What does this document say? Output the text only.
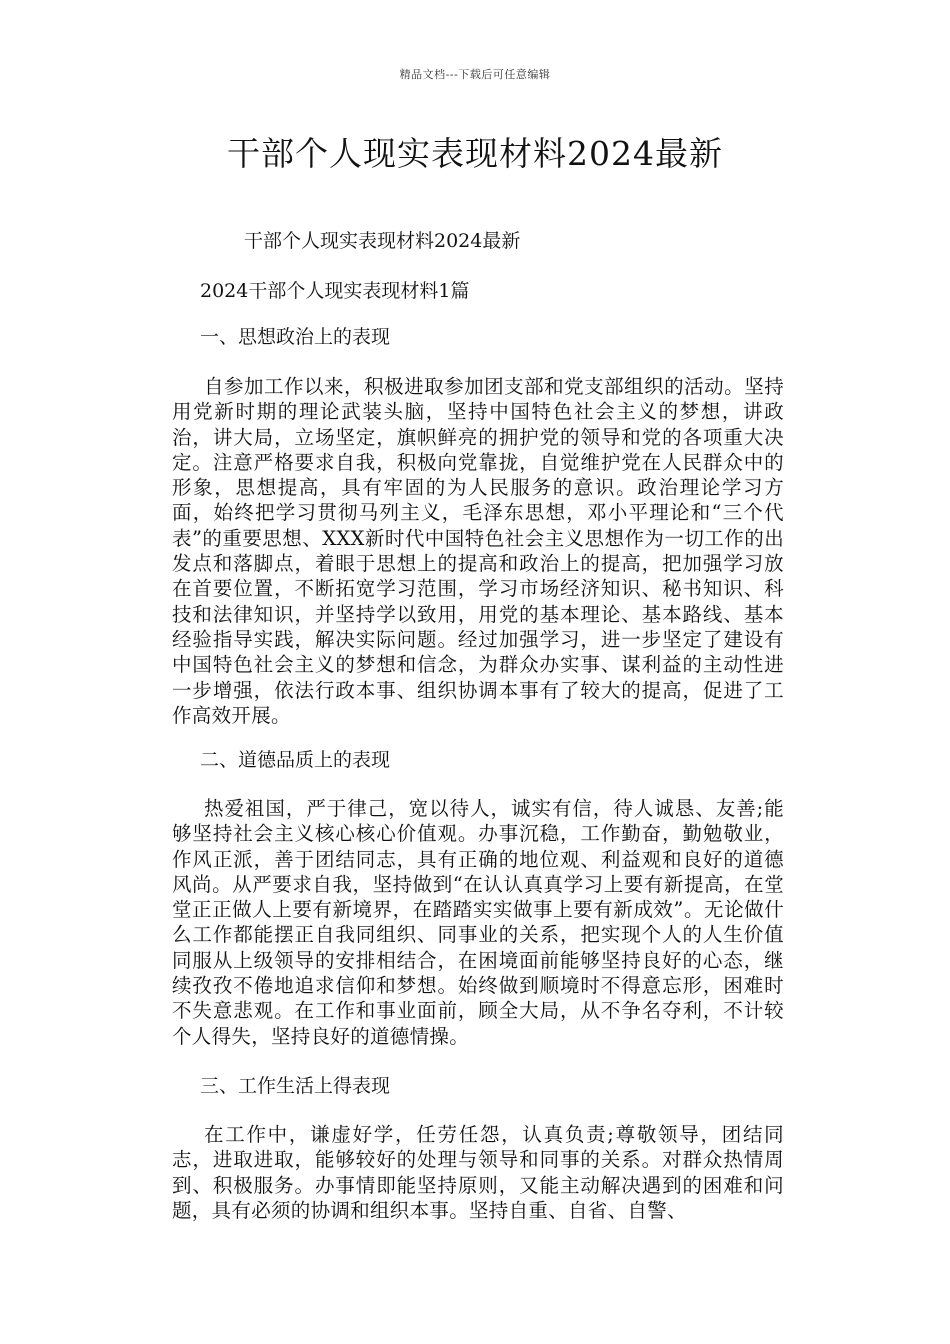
精品文档---下载后可任意编辑
干部个人现实表现材料2024最新
干部个人现实表现材料2024最新
2024干部个人现实表现材料1篇
一、思想政治上的表现
自参加工作以来，积极进取参加团支部和党支部组织的活动。坚持用党新时期的理论武装头脑，坚持中国特色社会主义的梦想，讲政治，讲大局，立场坚定，旗帜鲜亮的拥护党的领导和党的各项重大决定。注意严格要求自我，积极向党靠拢，自觉维护党在人民群众中的形象，思想提高，具有牢固的为人民服务的意识。政治理论学习方面，始终把学习贯彻马列主义，毛泽东思想，邓小平理论和“三个代表”的重要思想、XXX新时代中国特色社会主义思想作为一切工作的出发点和落脚点，着眼于思想上的提高和政治上的提高，把加强学习放在首要位置，不断拓宽学习范围，学习市场经济知识、秘书知识、科技和法律知识，并坚持学以致用，用党的基本理论、基本路线、基本经验指导实践，解决实际问题。经过加强学习，进一步坚定了建设有中国特色社会主义的梦想和信念，为群众办实事、谋利益的主动性进一步增强，依法行政本事、组织协调本事有了较大的提高，促进了工作高效开展。
二、道德品质上的表现
热爱祖国，严于律己，宽以待人，诚实有信，待人诚恳、友善;能够坚持社会主义核心核心价值观。办事沉稳，工作勤奋，勤勉敬业，作风正派，善于团结同志，具有正确的地位观、利益观和良好的道德风尚。从严要求自我，坚持做到“在认认真真学习上要有新提高，在堂堂正正做人上要有新境界，在踏踏实实做事上要有新成效”。无论做什么工作都能摆正自我同组织、同事业的关系，把实现个人的人生价值同服从上级领导的安排相结合，在困境面前能够坚持良好的心态，继续孜孜不倦地追求信仰和梦想。始终做到顺境时不得意忘形，困难时不失意悲观。在工作和事业面前，顾全大局，从不争名夺利，不计较个人得失，坚持良好的道德情操。
三、工作生活上得表现
在工作中，谦虚好学，任劳任怨，认真负责;尊敬领导，团结同志，进取进取，能够较好的处理与领导和同事的关系。对群众热情周到、积极服务。办事情即能坚持原则，又能主动解决遇到的困难和问题，具有必须的协调和组织本事。坚持自重、自省、自警、
